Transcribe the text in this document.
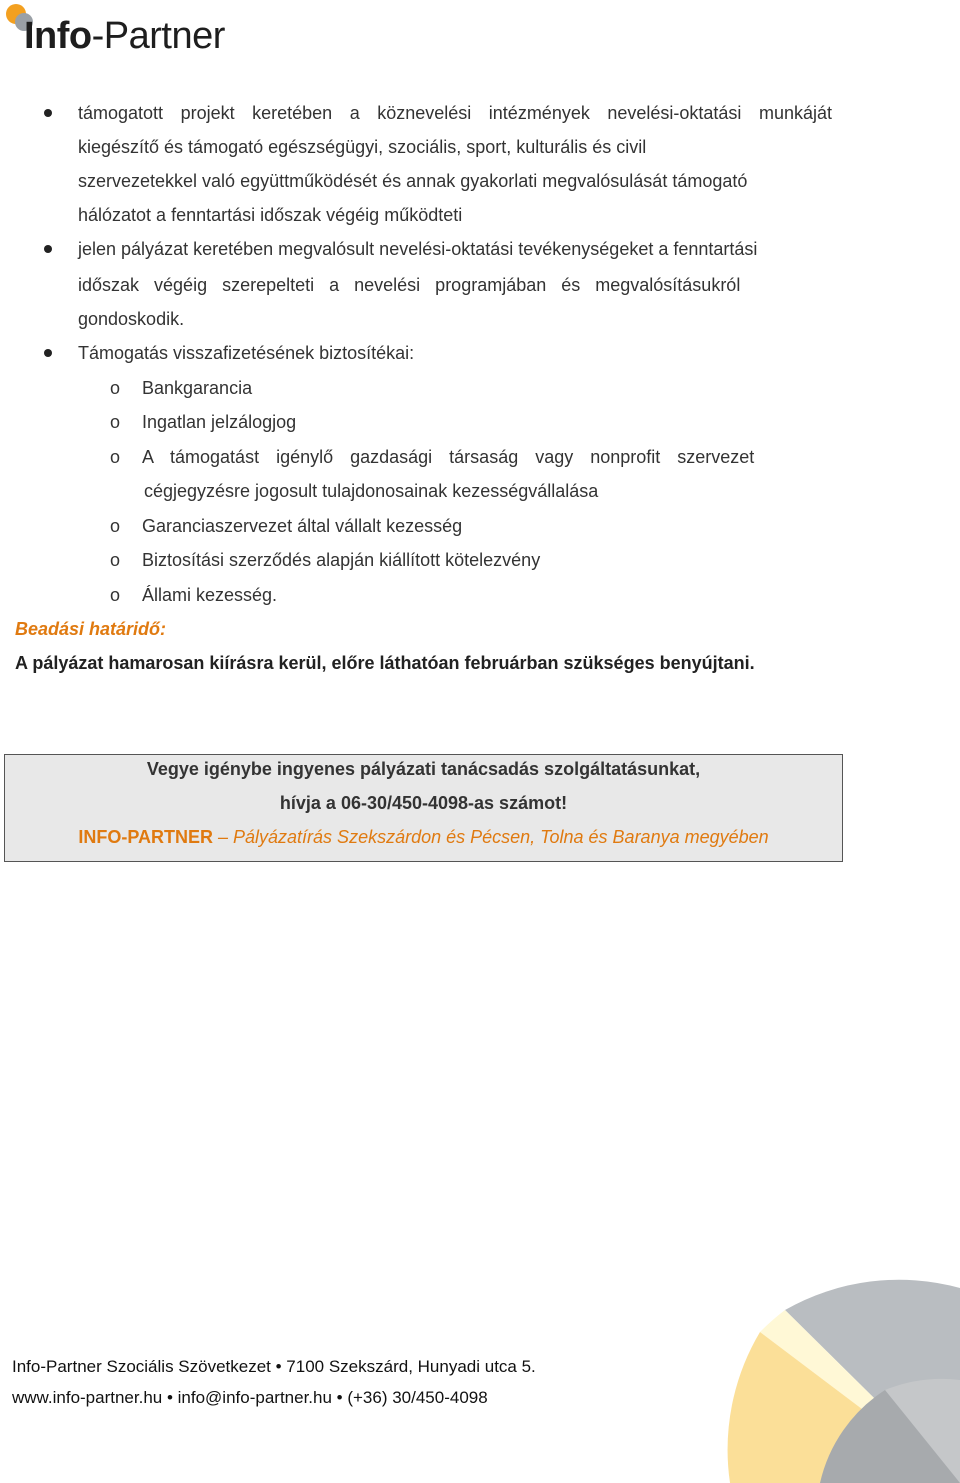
Info-Partner
támogatott projekt keretében a köznevelési intézmények nevelési-oktatási munkáját
kiegészítő és támogató egészségügyi, szociális, sport, kulturális és civil
szervezetekkel való együttműködését és annak gyakorlati megvalósulását támogató
hálózatot a fenntartási időszak végéig működteti
jelen pályázat keretében megvalósult nevelési-oktatási tevékenységeket a fenntartási
időszak végéig szerepelteti a nevelési programjában és megvalósításukról
gondoskodik.
Támogatás visszafizetésének biztosítékai:
o Bankgarancia
o Ingatlan jelzálogjog
o A támogatást igénylő gazdasági társaság vagy nonprofit szervezet
cégjegyzésre jogosult tulajdonosainak kezességvállalása
o Garanciaszervezet által vállalt kezesség
o Biztosítási szerződés alapján kiállított kötelezvény
o Állami kezesség.
Beadási határidő:
A pályázat hamarosan kiírásra kerül, előre láthatóan februárban szükséges benyújtani.
Vegye igénybe ingyenes pályázati tanácsadás szolgáltatásunkat,
hívja a 06-30/450-4098-as számot!
INFO-PARTNER – Pályázatírás Szekszárdon és Pécsen, Tolna és Baranya megyében
Info-Partner Szociális Szövetkezet • 7100 Szekszárd, Hunyadi utca 5.
www.info-partner.hu • info@info-partner.hu • (+36) 30/450-4098
